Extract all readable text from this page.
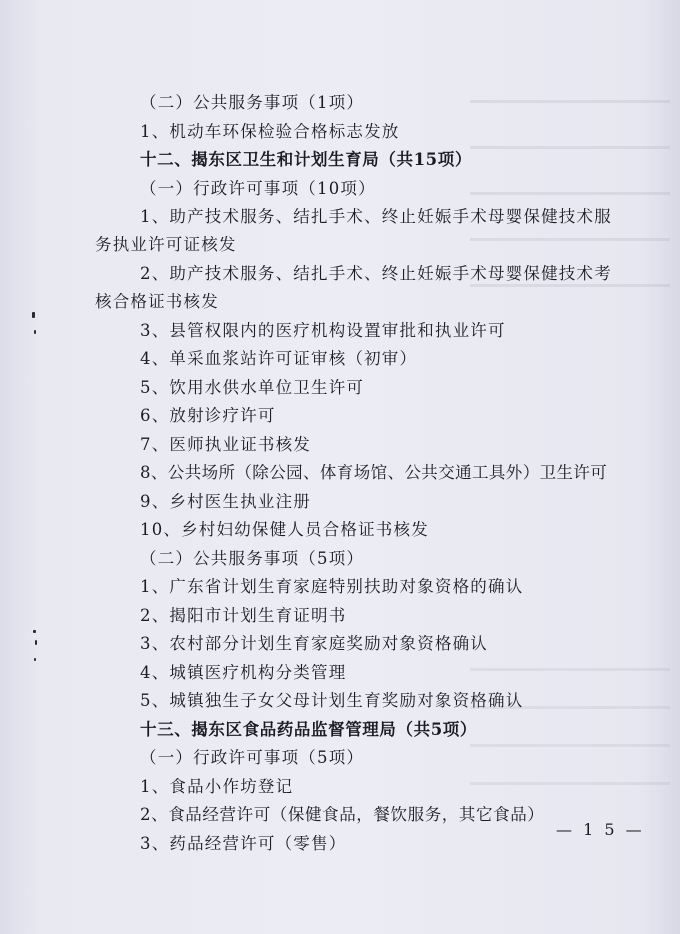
（二）公共服务事项（1项）
1、机动车环保检验合格标志发放
十二、揭东区卫生和计划生育局（共15项）
（一）行政许可事项（10项）
1、助产技术服务、结扎手术、终止妊娠手术母婴保健技术服
务执业许可证核发
2、助产技术服务、结扎手术、终止妊娠手术母婴保健技术考
核合格证书核发
3、县管权限内的医疗机构设置审批和执业许可
4、单采血浆站许可证审核（初审）
5、饮用水供水单位卫生许可
6、放射诊疗许可
7、医师执业证书核发
8、公共场所（除公园、体育场馆、公共交通工具外）卫生许可
9、乡村医生执业注册
10、乡村妇幼保健人员合格证书核发
（二）公共服务事项（5项）
1、广东省计划生育家庭特别扶助对象资格的确认
2、揭阳市计划生育证明书
3、农村部分计划生育家庭奖励对象资格确认
4、城镇医疗机构分类管理
5、城镇独生子女父母计划生育奖励对象资格确认
十三、揭东区食品药品监督管理局（共5项）
（一）行政许可事项（5项）
1、食品小作坊登记
2、食品经营许可（保健食品，餐饮服务，其它食品）
3、药品经营许可（零售）
— 1 5 —
